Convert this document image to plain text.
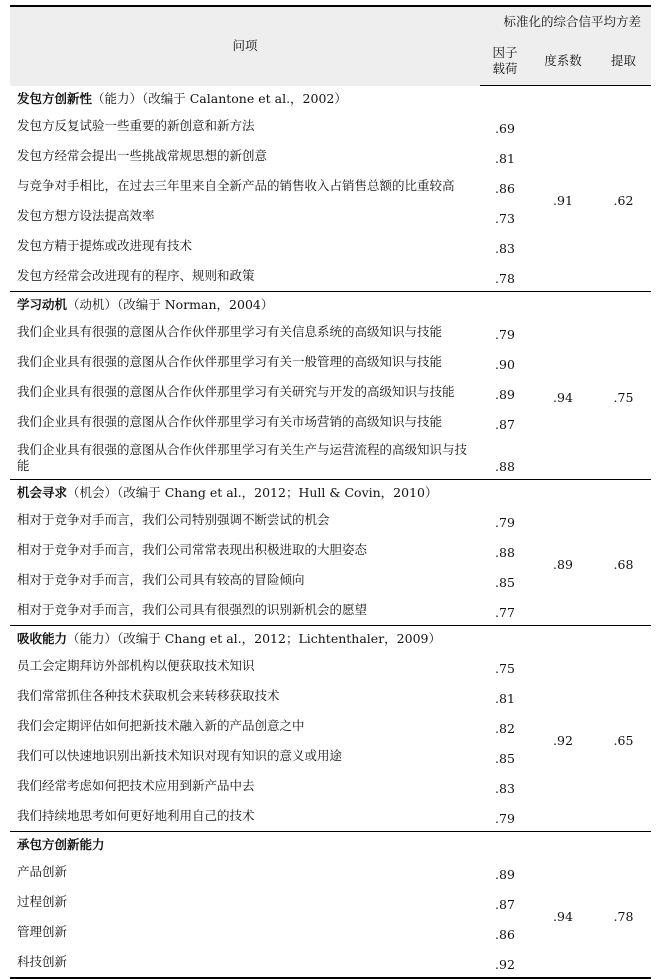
问项	标准化的综合信平均方差		

	因子载荷	度系数	提取
发包方创新性（能力）（改编于 Calantone et al.，2002）			
发包方反复试验一些重要的新创意和新方法	.69	.91	.62
发包方经常会提出一些挑战常规思想的新创意	.81		
与竞争对手相比，在过去三年里来自全新产品的销售收入占销售总额的比重较高	.86		
发包方想方设法提高效率	.73		
发包方精于提炼或改进现有技术	.83		
发包方经常会改进现有的程序、规则和政策	.78		
学习动机（动机）（改编于 Norman，2004）			
我们企业具有很强的意图从合作伙伴那里学习有关信息系统的高级知识与技能	.79	.94	.75
我们企业具有很强的意图从合作伙伴那里学习有关一般管理的高级知识与技能	.90		
我们企业具有很强的意图从合作伙伴那里学习有关研究与开发的高级知识与技能	.89		
我们企业具有很强的意图从合作伙伴那里学习有关市场营销的高级知识与技能	.87		
我们企业具有很强的意图从合作伙伴那里学习有关生产与运营流程的高级知识与技能	.88		
机会寻求（机会）（改编于 Chang et al.，2012；Hull & Covin，2010）			
相对于竞争对手而言，我们公司特别强调不断尝试的机会	.79	.89	.68
相对于竞争对手而言，我们公司常常表现出积极进取的大胆姿态	.88		
相对于竞争对手而言，我们公司具有较高的冒险倾向	.85		
相对于竞争对手而言，我们公司具有很强烈的识别新机会的愿望	.77		
吸收能力（能力）（改编于 Chang et al.，2012；Lichtenthaler，2009）			
员工会定期拜访外部机构以便获取技术知识	.75	.92	.65
我们常常抓住各种技术获取机会来转移获取技术	.81		
我们会定期评估如何把新技术融入新的产品创意之中	.82		
我们可以快速地识别出新技术知识对现有知识的意义或用途	.85		
我们经常考虑如何把技术应用到新产品中去	.83		
我们持续地思考如何更好地利用自己的技术	.79		
承包方创新能力			
产品创新	.89	.94	.78
过程创新	.87		
管理创新	.86		
科技创新	.92		
